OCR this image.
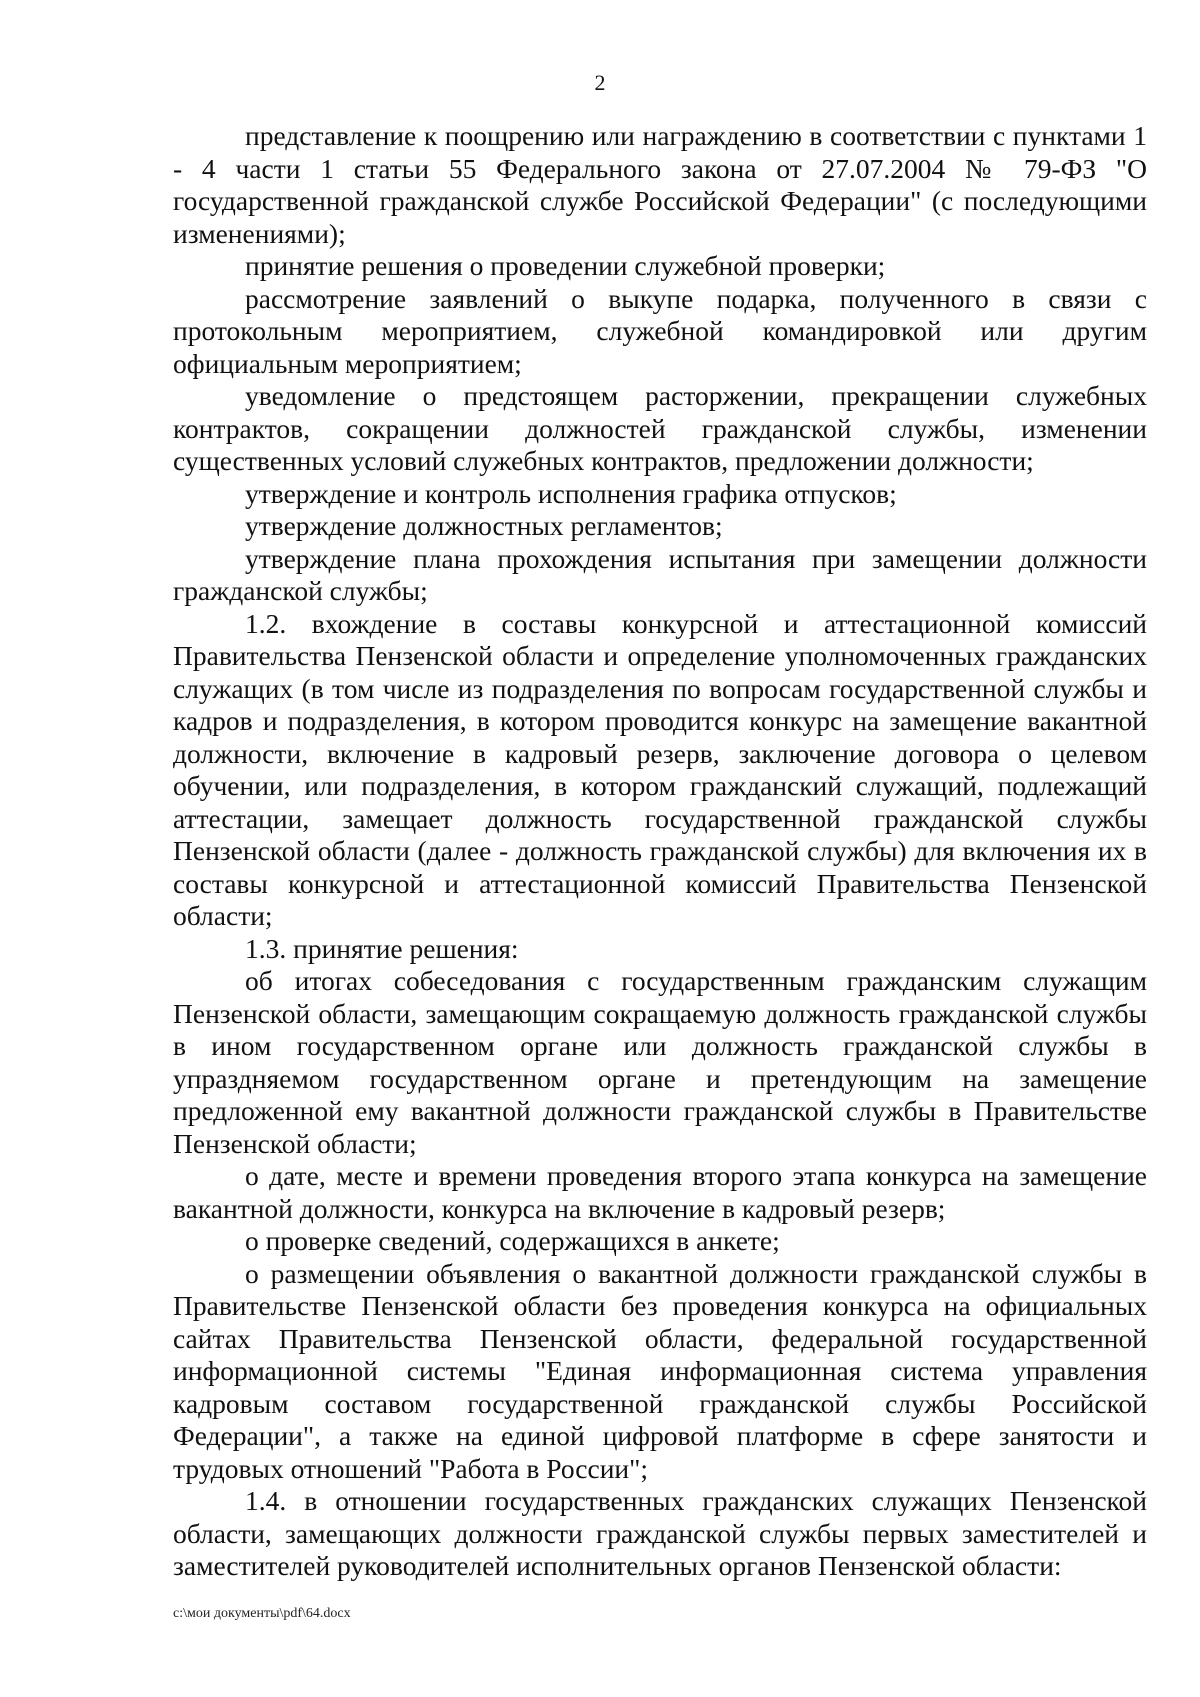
2

представление к поощрению или награждению в соответствии с пунктами 1 - 4 части 1 статьи 55 Федерального закона от 27.07.2004 № 79-ФЗ "О государственной гражданской службе Российской Федерации" (с последующими изменениями);

принятие решения о проведении служебной проверки;

рассмотрение заявлений о выкупе подарка, полученного в связи с протокольным мероприятием, служебной командировкой или другим официальным мероприятием;

уведомление о предстоящем расторжении, прекращении служебных контрактов, сокращении должностей гражданской службы, изменении существенных условий служебных контрактов, предложении должности;

утверждение и контроль исполнения графика отпусков;

утверждение должностных регламентов;

утверждение плана прохождения испытания при замещении должности гражданской службы;

1.2. вхождение в составы конкурсной и аттестационной комиссий Правительства Пензенской области и определение уполномоченных гражданских служащих (в том числе из подразделения по вопросам государственной службы и кадров и подразделения, в котором проводится конкурс на замещение вакантной должности, включение в кадровый резерв, заключение договора о целевом обучении, или подразделения, в котором гражданский служащий, подлежащий аттестации, замещает должность государственной гражданской службы Пензенской области (далее - должность гражданской службы) для включения их в составы конкурсной и аттестационной комиссий Правительства Пензенской области;

1.3. принятие решения:

об итогах собеседования с государственным гражданским служащим Пензенской области, замещающим сокращаемую должность гражданской службы в ином государственном органе или должность гражданской службы в упраздняемом государственном органе и претендующим на замещение предложенной ему вакантной должности гражданской службы в Правительстве Пензенской области;

о дате, месте и времени проведения второго этапа конкурса на замещение вакантной должности, конкурса на включение в кадровый резерв;

о проверке сведений, содержащихся в анкете;

о размещении объявления о вакантной должности гражданской службы в Правительстве Пензенской области без проведения конкурса на официальных сайтах Правительства Пензенской области, федеральной государственной информационной системы "Единая информационная система управления кадровым составом государственной гражданской службы Российской Федерации", а также на единой цифровой платформе в сфере занятости и трудовых отношений "Работа в России";

1.4. в отношении государственных гражданских служащих Пензенской области, замещающих должности гражданской службы первых заместителей и заместителей руководителей исполнительных органов Пензенской области:

c:\мои документы\pdf\64.docx
